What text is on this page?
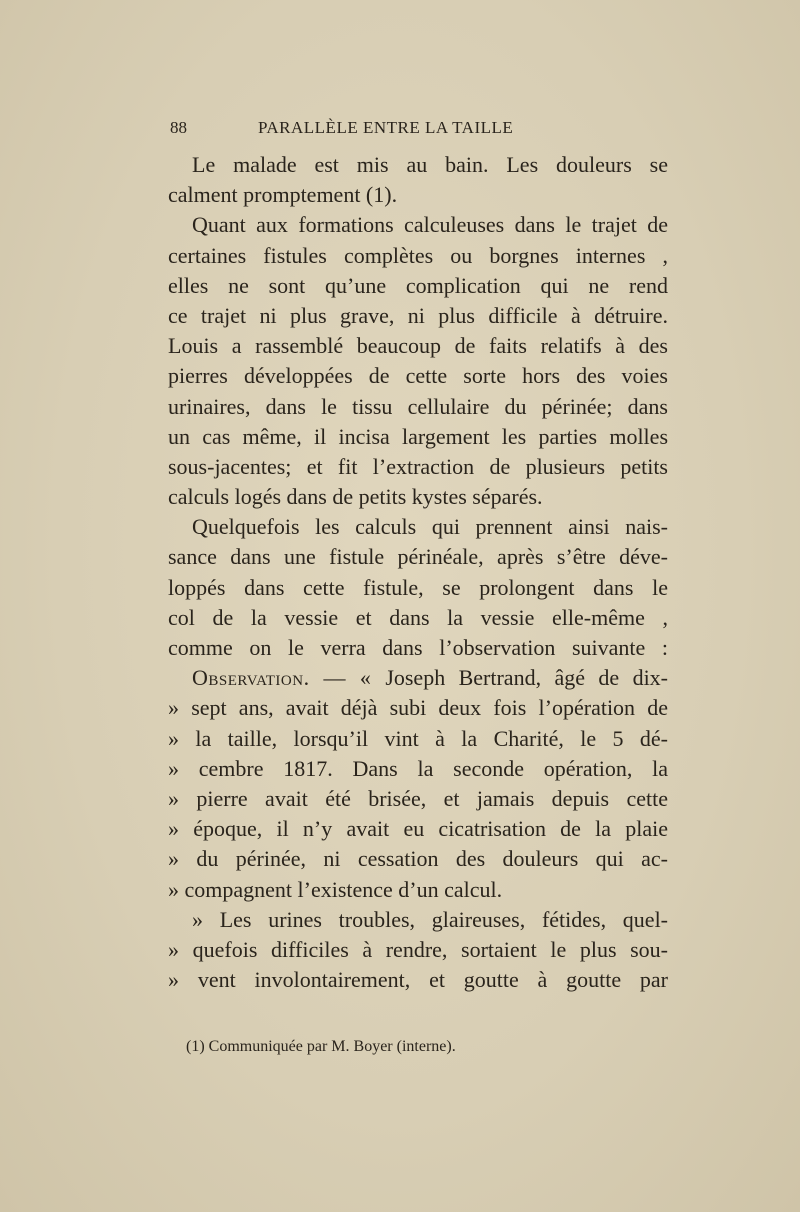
88	PARALLÈLE ENTRE LA TAILLE
Le malade est mis au bain. Les douleurs se
calment promptement (1).
Quant aux formations calculeuses dans le trajet de
certaines fistules complètes ou borgnes internes ,
elles ne sont qu’une complication qui ne rend
ce trajet ni plus grave, ni plus difficile à détruire.
Louis a rassemblé beaucoup de faits relatifs à des
pierres développées de cette sorte hors des voies
urinaires, dans le tissu cellulaire du périnée; dans
un cas même, il incisa largement les parties molles
sous-jacentes; et fit l’extraction de plusieurs petits
calculs logés dans de petits kystes séparés.
Quelquefois les calculs qui prennent ainsi nais-
sance dans une fistule périnéale, après s’être déve-
loppés dans cette fistule, se prolongent dans le
col de la vessie et dans la vessie elle-même ,
comme on le verra dans l’observation suivante :
Observation. — « Joseph Bertrand, âgé de dix-
» sept ans, avait déjà subi deux fois l’opération de
» la taille, lorsqu’il vint à la Charité, le 5 dé-
» cembre 1817. Dans la seconde opération, la
» pierre avait été brisée, et jamais depuis cette
» époque, il n’y avait eu cicatrisation de la plaie
» du périnée, ni cessation des douleurs qui ac-
» compagnent l’existence d’un calcul.
» Les urines troubles, glaireuses, fétides, quel-
» quefois difficiles à rendre, sortaient le plus sou-
» vent involontairement, et goutte à goutte par
(1) Communiquée par M. Boyer (interne).
